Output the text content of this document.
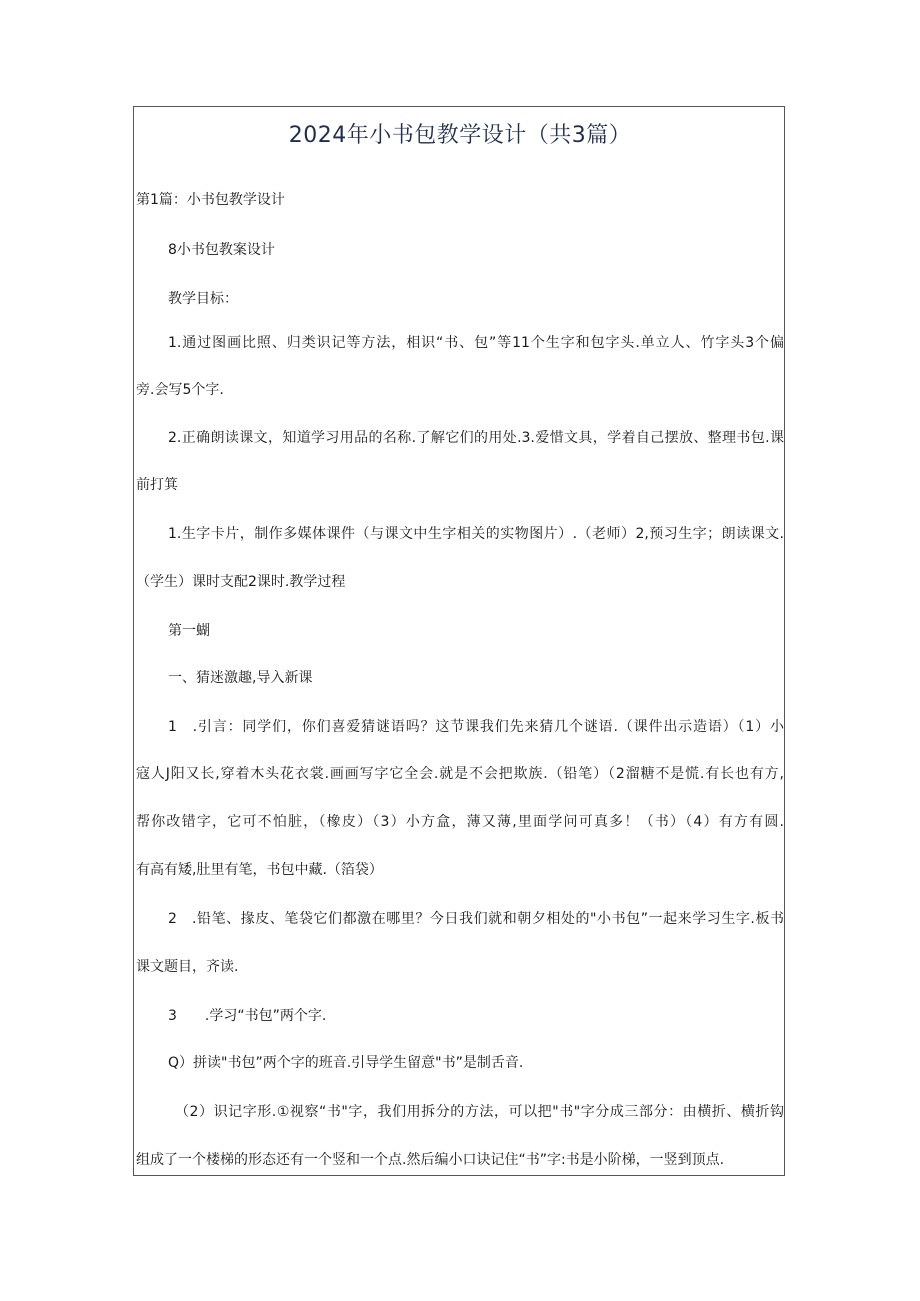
2024年小书包教学设计（共3篇）
第1篇：小书包教学设计
8小书包教案设计
教学目标：
1.通过图画比照、归类识记等方法，相识“书、包”等11个生字和包字头.单立人、竹字头3个偏
旁.会写5个字.
2.正确朗读课文，知道学习用品的名称.了解它们的用处.3.爱惜文具，学着自己摆放、整理书包.课
前打箕
1.生字卡片，制作多媒体课件（与课文中生字相关的实物图片）.（老师）2,预习生字；朗读课文.
（学生）课时支配2课时.教学过程
第一蝴
一、猜迷激趣,导入新课
1　.引言：同学们，你们喜爱猜谜语吗？这节课我们先来猜几个谜语.（课件出示造语）（1）小
寇人J阳又长,穿着木头花衣裳.画画写字它全会.就是不会把欺族.（铅笔）（2溜糖不是慌.有长也有方,
帮你改错字，它可不怕脏，（橡皮）（3）小方盒，薄又薄,里面学问可真多！（书）（4）有方有圆.
有高有矮,肚里有笔，书包中藏.（箔袋）
2　.铅笔、掾皮、笔袋它们都激在哪里？今日我们就和朝夕相处的"小书包”一起来学习生字.板书
课文题目，齐读.
3　　.学习“书包”两个字.
Q）拼读"书包”两个字的班音.引导学生留意"书”是制舌音.
（2）识记字形.①视察“书"字，我们用拆分的方法，可以把"书"字分成三部分：由横折、横折钩
组成了一个楼梯的形态还有一个竖和一个点.然后编小口诀记住“书”字:书是小阶梯，一竖到顶点.
